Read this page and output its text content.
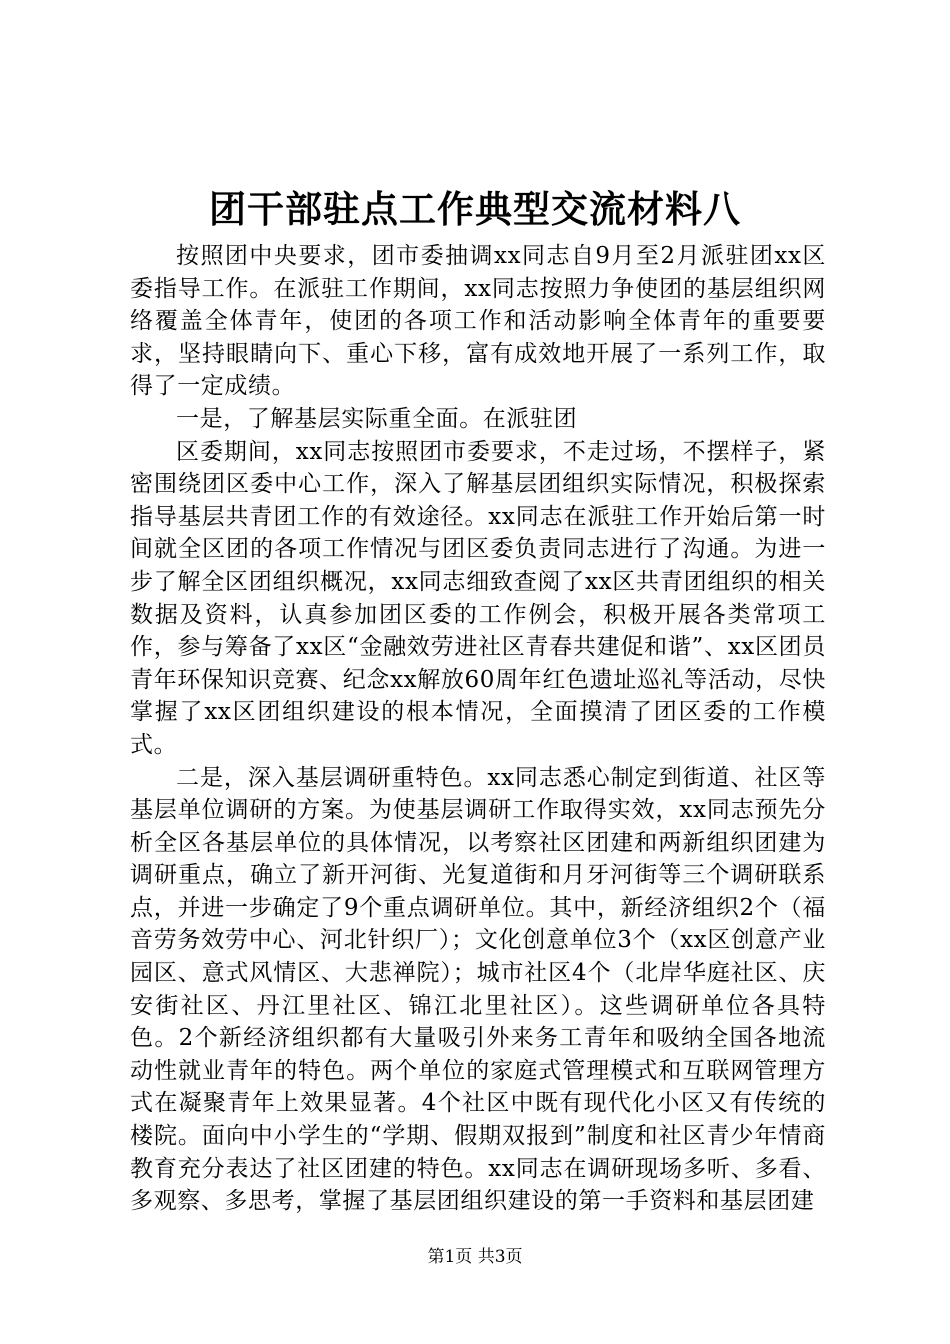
团干部驻点工作典型交流材料八

按照团中央要求，团市委抽调xx同志自9月至2月派驻团xx区委指导工作。在派驻工作期间，xx同志按照力争使团的基层组织网络覆盖全体青年，使团的各项工作和活动影响全体青年的重要要求，坚持眼睛向下、重心下移，富有成效地开展了一系列工作，取得了一定成绩。

一是，了解基层实际重全面。在派驻团

区委期间，xx同志按照团市委要求，不走过场，不摆样子，紧密围绕团区委中心工作，深入了解基层团组织实际情况，积极探索指导基层共青团工作的有效途径。xx同志在派驻工作开始后第一时间就全区团的各项工作情况与团区委负责同志进行了沟通。为进一步了解全区团组织概况，xx同志细致查阅了xx区共青团组织的相关数据及资料，认真参加团区委的工作例会，积极开展各类常项工作，参与筹备了xx区“金融效劳进社区青春共建促和谐”、xx区团员青年环保知识竞赛、纪念xx解放60周年红色遗址巡礼等活动，尽快掌握了xx区团组织建设的根本情况，全面摸清了团区委的工作模式。

二是，深入基层调研重特色。xx同志悉心制定到街道、社区等基层单位调研的方案。为使基层调研工作取得实效，xx同志预先分析全区各基层单位的具体情况，以考察社区团建和两新组织团建为调研重点，确立了新开河街、光复道街和月牙河街等三个调研联系点，并进一步确定了9个重点调研单位。其中，新经济组织2个（福音劳务效劳中心、河北针织厂）；文化创意单位3个（xx区创意产业园区、意式风情区、大悲禅院）；城市社区4个（北岸华庭社区、庆安街社区、丹江里社区、锦江北里社区）。这些调研单位各具特色。2个新经济组织都有大量吸引外来务工青年和吸纳全国各地流动性就业青年的特色。两个单位的家庭式管理模式和互联网管理方式在凝聚青年上效果显著。4个社区中既有现代化小区又有传统的楼院。面向中小学生的“学期、假期双报到”制度和社区青少年情商教育充分表达了社区团建的特色。xx同志在调研现场多听、多看、多观察、多思考，掌握了基层团组织建设的第一手资料和基层团建

第1页 共3页
